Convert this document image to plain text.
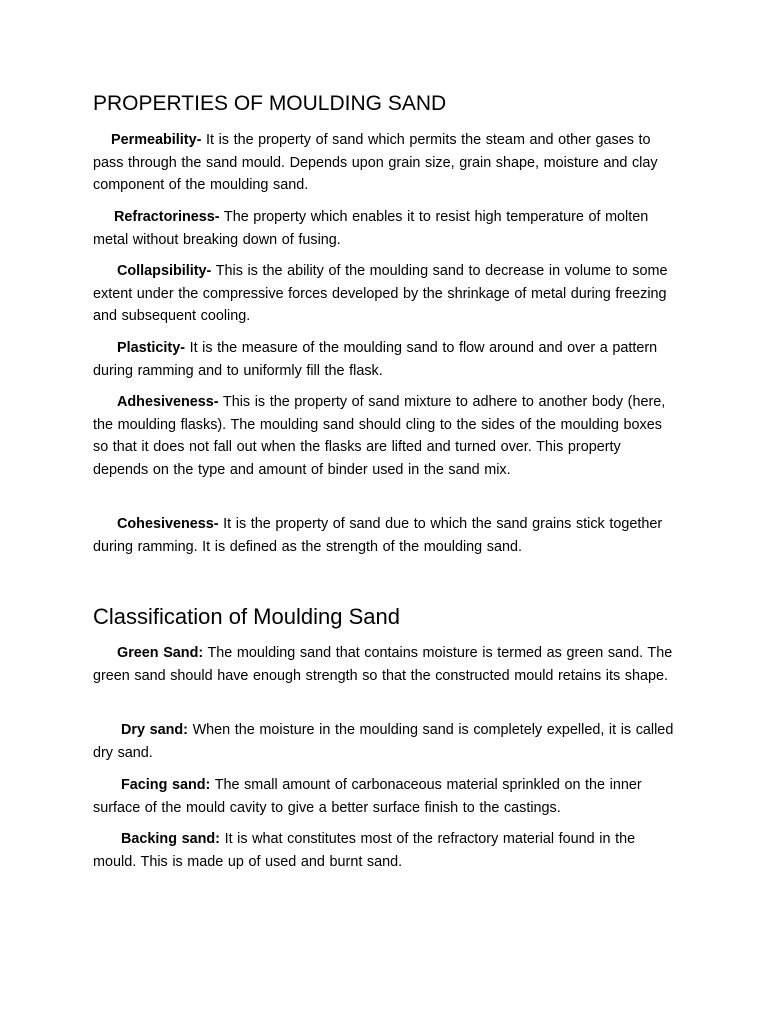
PROPERTIES OF MOULDING SAND

Permeability- It is the property of sand which permits the steam and other gases to pass through the sand mould. Depends upon grain size, grain shape, moisture and clay component of the moulding sand.

Refractoriness- The property which enables it to resist high temperature of molten metal without breaking down of fusing.

Collapsibility- This is the ability of the moulding sand to decrease in volume to some extent under the compressive forces developed by the shrinkage of metal during freezing and subsequent cooling.

Plasticity- It is the measure of the moulding sand to flow around and over a pattern during ramming and to uniformly fill the flask.

Adhesiveness- This is the property of sand mixture to adhere to another body (here, the moulding flasks). The moulding sand should cling to the sides of the moulding boxes so that it does not fall out when the flasks are lifted and turned over. This property depends on the type and amount of binder used in the sand mix.

Cohesiveness- It is the property of sand due to which the sand grains stick together during ramming. It is defined as the strength of the moulding sand.

Classification of Moulding Sand

Green Sand: The moulding sand that contains moisture is termed as green sand. The green sand should have enough strength so that the constructed mould retains its shape.

Dry sand: When the moisture in the moulding sand is completely expelled, it is called dry sand.

Facing sand: The small amount of carbonaceous material sprinkled on the inner surface of the mould cavity to give a better surface finish to the castings.

Backing sand: It is what constitutes most of the refractory material found in the mould. This is made up of used and burnt sand.
